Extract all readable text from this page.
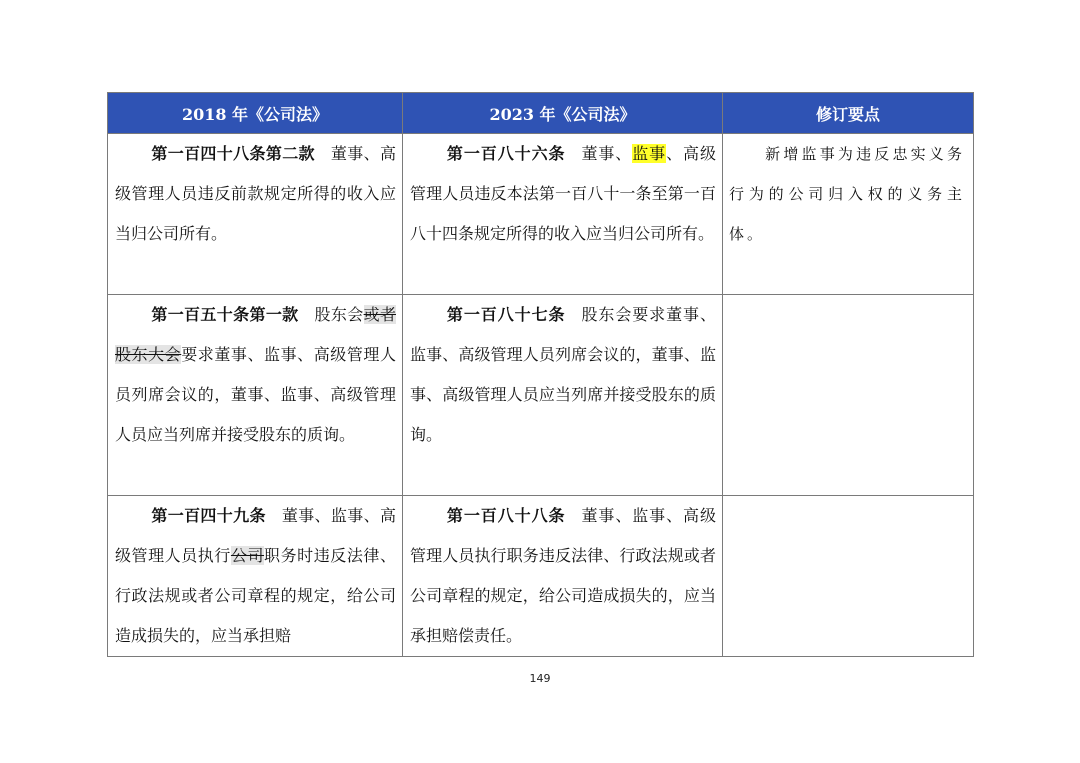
2018 年《公司法》	2023 年《公司法》	修订要点
第一百四十八条第二款 董事、高级管理人员违反前款规定所得的收入应当归公司所有。	第一百八十六条 董事、监事、高级管理人员违反本法第一百八十一条至第一百八十四条规定所得的收入应当归公司所有。	新增监事为违反忠实义务行为的公司归入权的义务主体。
第一百五十条第一款 股东会或者股东大会要求董事、监事、高级管理人员列席会议的，董事、监事、高级管理人员应当列席并接受股东的质询。	第一百八十七条 股东会要求董事、监事、高级管理人员列席会议的，董事、监事、高级管理人员应当列席并接受股东的质询。	
第一百四十九条 董事、监事、高级管理人员执行公司职务时违反法律、行政法规或者公司章程的规定，给公司造成损失的，应当承担赔	第一百八十八条 董事、监事、高级管理人员执行职务违反法律、行政法规或者公司章程的规定，给公司造成损失的，应当承担赔偿责任。	
149
